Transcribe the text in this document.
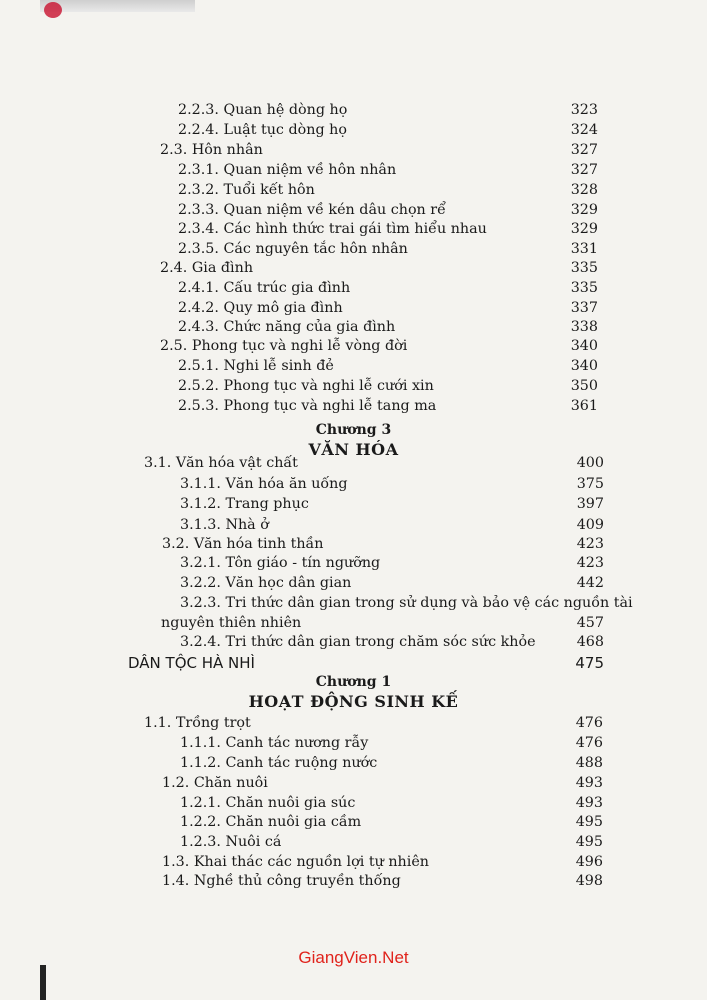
2.2.3. Quan hệ dòng họ	323
2.2.4. Luật tục dòng họ	324
2.3. Hôn nhân	327
2.3.1. Quan niệm về hôn nhân	327
2.3.2. Tuổi kết hôn	328
2.3.3. Quan niệm về kén dâu chọn rể	329
2.3.4. Các hình thức trai gái tìm hiểu nhau	329
2.3.5. Các nguyên tắc hôn nhân	331
2.4. Gia đình	335
2.4.1. Cấu trúc gia đình	335
2.4.2. Quy mô gia đình	337
2.4.3. Chức năng của gia đình	338
2.5. Phong tục và nghi lễ vòng đời	340
2.5.1. Nghi lễ sinh đẻ	340
2.5.2. Phong tục và nghi lễ cưới xin	350
2.5.3. Phong tục và nghi lễ tang ma	361
3.1. Văn hóa vật chất	400
3.1.1. Văn hóa ăn uống	375
3.1.2. Trang phục	397
3.1.3. Nhà ở	409
3.2. Văn hóa tinh thần	423
3.2.1. Tôn giáo - tín ngưỡng	423
3.2.2. Văn học dân gian	442
3.2.3. Tri thức dân gian trong sử dụng và bảo vệ các nguồn tài
nguyên thiên nhiên	457
3.2.4. Tri thức dân gian trong chăm sóc sức khỏe	468
DÂN TỘC HÀ NHÌ	475
1.1. Trồng trọt	476
1.1.1. Canh tác nương rẫy	476
1.1.2. Canh tác ruộng nước	488
1.2. Chăn nuôi	493
1.2.1. Chăn nuôi gia súc	493
1.2.2. Chăn nuôi gia cầm	495
1.2.3. Nuôi cá	495
1.3. Khai thác các nguồn lợi tự nhiên	496
1.4. Nghề thủ công truyền thống	498
Chương 3
VĂN HÓA
Chương 1
HOẠT ĐỘNG SINH KẾ
GiangVien.Net
